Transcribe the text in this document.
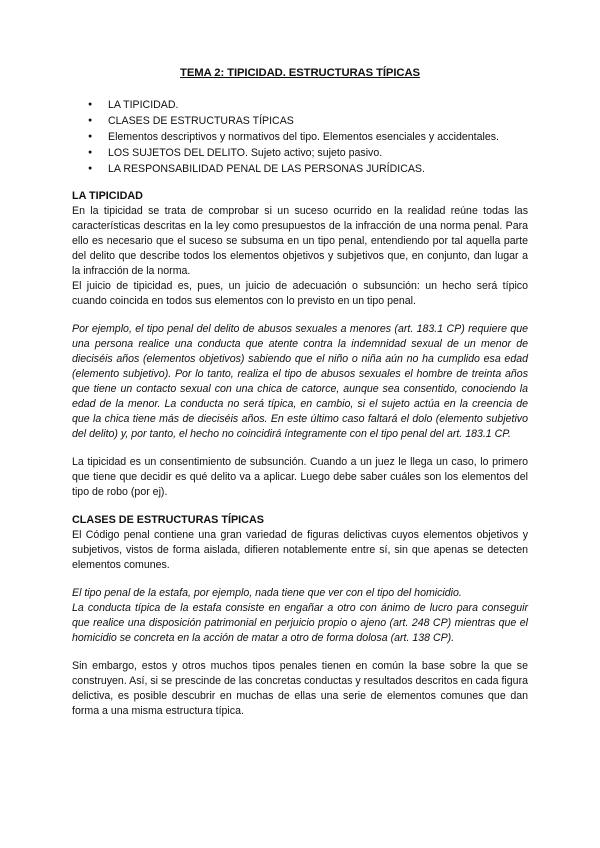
TEMA 2: TIPICIDAD. ESTRUCTURAS TÍPICAS
● LA TIPICIDAD.
● CLASES DE ESTRUCTURAS TÍPICAS
● Elementos descriptivos y normativos del tipo. Elementos esenciales y accidentales.
● LOS SUJETOS DEL DELITO. Sujeto activo; sujeto pasivo.
● LA RESPONSABILIDAD PENAL DE LAS PERSONAS JURÍDICAS.
LA TIPICIDAD

En la tipicidad se trata de comprobar si un suceso ocurrido en la realidad reúne todas las características descritas en la ley como presupuestos de la infracción de una norma penal. Para ello es necesario que el suceso se subsuma en un tipo penal, entendiendo por tal aquella parte del delito que describe todos los elementos objetivos y subjetivos que, en conjunto, dan lugar a la infracción de la norma.

El juicio de tipicidad es, pues, un juicio de adecuación o subsunción: un hecho será típico cuando coincida en todos sus elementos con lo previsto en un tipo penal.

Por ejemplo, el tipo penal del delito de abusos sexuales a menores (art. 183.1 CP) requiere que una persona realice una conducta que atente contra la indemnidad sexual de un menor de dieciséis años (elementos objetivos) sabiendo que el niño o niña aún no ha cumplido esa edad (elemento subjetivo). Por lo tanto, realiza el tipo de abusos sexuales el hombre de treinta años que tiene un contacto sexual con una chica de catorce, aunque sea consentido, conociendo la edad de la menor. La conducta no será típica, en cambio, si el sujeto actúa en la creencia de que la chica tiene más de dieciséis años. En este último caso faltará el dolo (elemento subjetivo del delito) y, por tanto, el hecho no coincidirá íntegramente con el tipo penal del art. 183.1 CP.

La tipicidad es un consentimiento de subsunción. Cuando a un juez le llega un caso, lo primero que tiene que decidir es qué delito va a aplicar. Luego debe saber cuáles son los elementos del tipo de robo (por ej).

CLASES DE ESTRUCTURAS TÍPICAS

El Código penal contiene una gran variedad de figuras delictivas cuyos elementos objetivos y subjetivos, vistos de forma aislada, difieren notablemente entre sí, sin que apenas se detecten elementos comunes.

El tipo penal de la estafa, por ejemplo, nada tiene que ver con el tipo del homicidio.

La conducta típica de la estafa consiste en engañar a otro con ánimo de lucro para conseguir que realice una disposición patrimonial en perjuicio propio o ajeno (art. 248 CP) mientras que el homicidio se concreta en la acción de matar a otro de forma dolosa (art. 138 CP).

Sin embargo, estos y otros muchos tipos penales tienen en común la base sobre la que se construyen. Así, si se prescinde de las concretas conductas y resultados descritos en cada figura delictiva, es posible descubrir en muchas de ellas una serie de elementos comunes que dan forma a una misma estructura típica.
